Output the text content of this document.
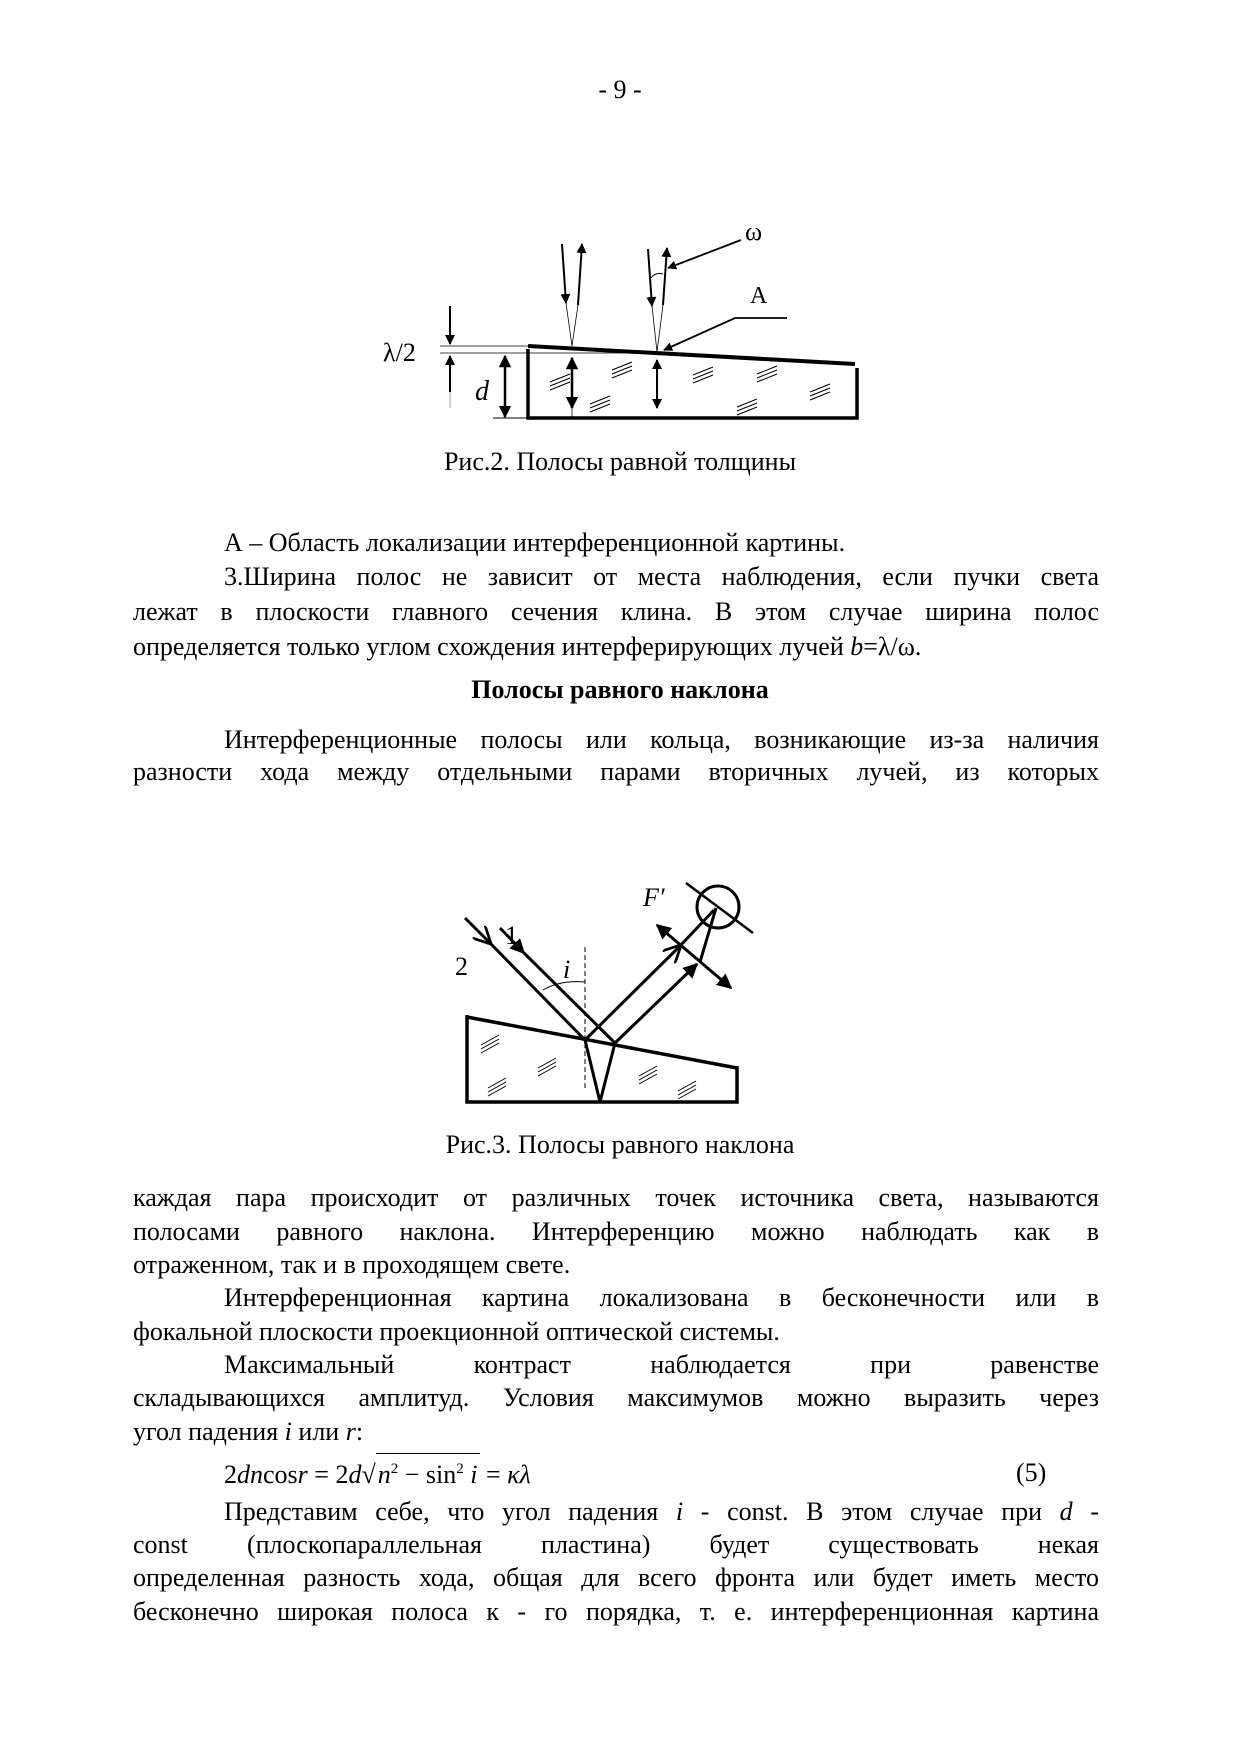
- 9 -
ω
A
λ/2
d
F′
1
2	i
Рис.2. Полосы равной толщины
А – Область локализации интерференционной картины.
3.Ширина полос не зависит от места наблюдения, если пучки света
лежат в плоскости главного сечения клина. В этом случае ширина полос
определяется только углом схождения интерферирующих лучей b=λ/ω.
Полосы равного наклона
Интерференционные полосы или кольца, возникающие из-за наличия
разности хода между отдельными парами вторичных лучей, из которых
Рис.3. Полосы равного наклона
каждая пара происходит от различных точек источника света, называются
полосами равного наклона. Интерференцию можно наблюдать как в
отраженном, так и в проходящем свете.
Интерференционная картина локализована в бесконечности или в
фокальной плоскости проекционной оптической системы.
Максимальный контраст наблюдается при равенстве
складывающихся амплитуд. Условия максимумов можно выразить через
угол падения i или r:
$2dncosr = 2d√n^2 - \sin^2 i = \kappa\lambda$	(5)
Представим себе, что угол падения i - const. В этом случае при d -
const (плоскопараллельная пластина) будет существовать некая
определенная разность хода, общая для всего фронта или будет иметь место
бесконечно широкая полоса к - го порядка, т. е. интерференционная картина
